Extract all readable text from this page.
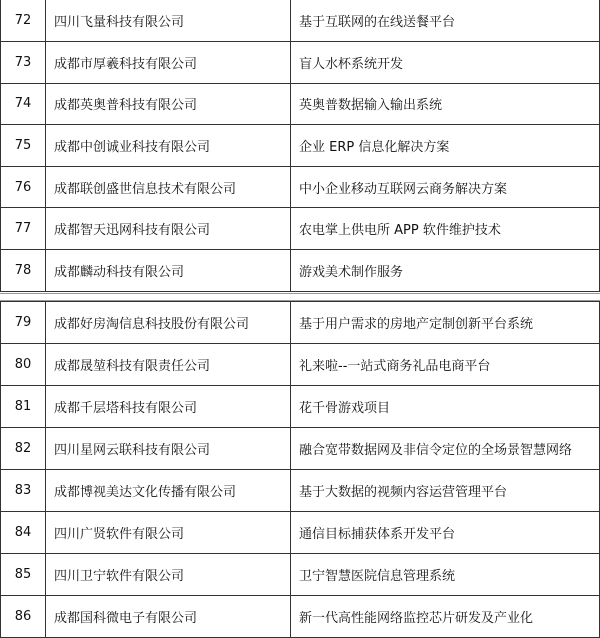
72	四川飞量科技有限公司	基于互联网的在线送餐平台
73	成都市厚羲科技有限公司	盲人水杯系统开发
74	成都英奥普科技有限公司	英奥普数据输入输出系统
75	成都中创诚业科技有限公司	企业 ERP 信息化解决方案
76	成都联创盛世信息技术有限公司	中小企业移动互联网云商务解决方案
77	成都智天迅网科技有限公司	农电掌上供电所 APP 软件维护技术
78	成都麟动科技有限公司	游戏美术制作服务
79	成都好房淘信息科技股份有限公司	基于用户需求的房地产定制创新平台系统
80	成都晟堃科技有限责任公司	礼来啦--一站式商务礼品电商平台
81	成都千层塔科技有限公司	花千骨游戏项目
82	四川星网云联科技有限公司	融合宽带数据网及非信令定位的全场景智慧网络
83	成都博视美达文化传播有限公司	基于大数据的视频内容运营管理平台
84	四川广贤软件有限公司	通信目标捕获体系开发平台
85	四川卫宁软件有限公司	卫宁智慧医院信息管理系统
86	成都国科微电子有限公司	新一代高性能网络监控芯片研发及产业化
